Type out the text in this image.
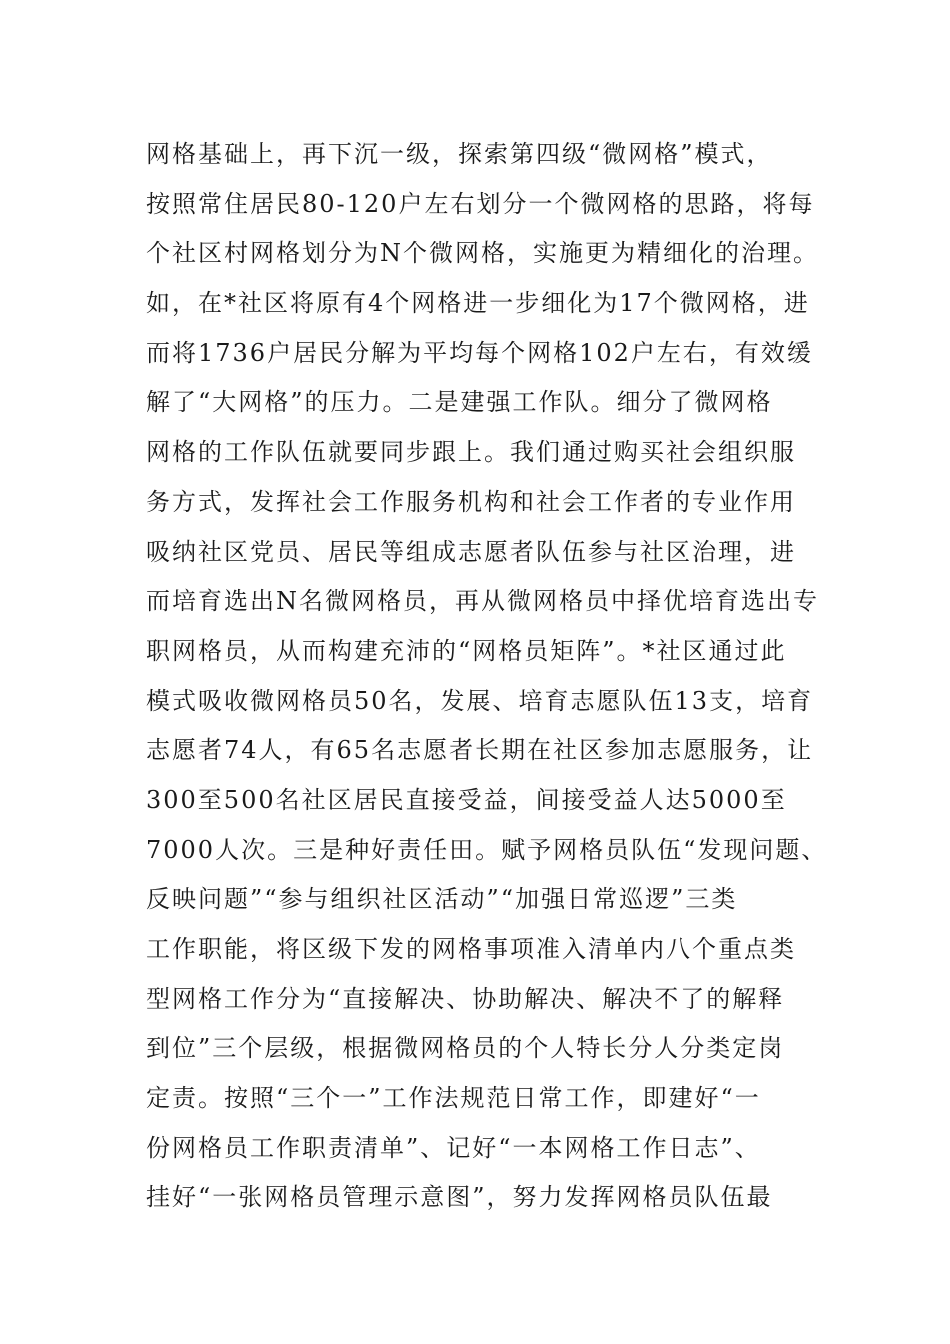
网格基础上，再下沉一级，探索第四级“微网格”模式，
按照常住居民80-120户左右划分一个微网格的思路，将每
个社区村网格划分为N个微网格，实施更为精细化的治理。
如，在*社区将原有4个网格进一步细化为17个微网格，进
而将1736户居民分解为平均每个网格102户左右，有效缓
解了“大网格”的压力。二是建强工作队。细分了微网格
网格的工作队伍就要同步跟上。我们通过购买社会组织服
务方式，发挥社会工作服务机构和社会工作者的专业作用
吸纳社区党员、居民等组成志愿者队伍参与社区治理，进
而培育选出N名微网格员，再从微网格员中择优培育选出专
职网格员，从而构建充沛的“网格员矩阵”。*社区通过此
模式吸收微网格员50名，发展、培育志愿队伍13支，培育
志愿者74人，有65名志愿者长期在社区参加志愿服务，让
300至500名社区居民直接受益，间接受益人达5000至
7000人次。三是种好责任田。赋予网格员队伍“发现问题、
反映问题”“参与组织社区活动”“加强日常巡逻”三类
工作职能，将区级下发的网格事项准入清单内八个重点类
型网格工作分为“直接解决、协助解决、解决不了的解释
到位”三个层级，根据微网格员的个人特长分人分类定岗
定责。按照“三个一”工作法规范日常工作，即建好“一
份网格员工作职责清单”、记好“一本网格工作日志”、
挂好“一张网格员管理示意图”，努力发挥网格员队伍最
